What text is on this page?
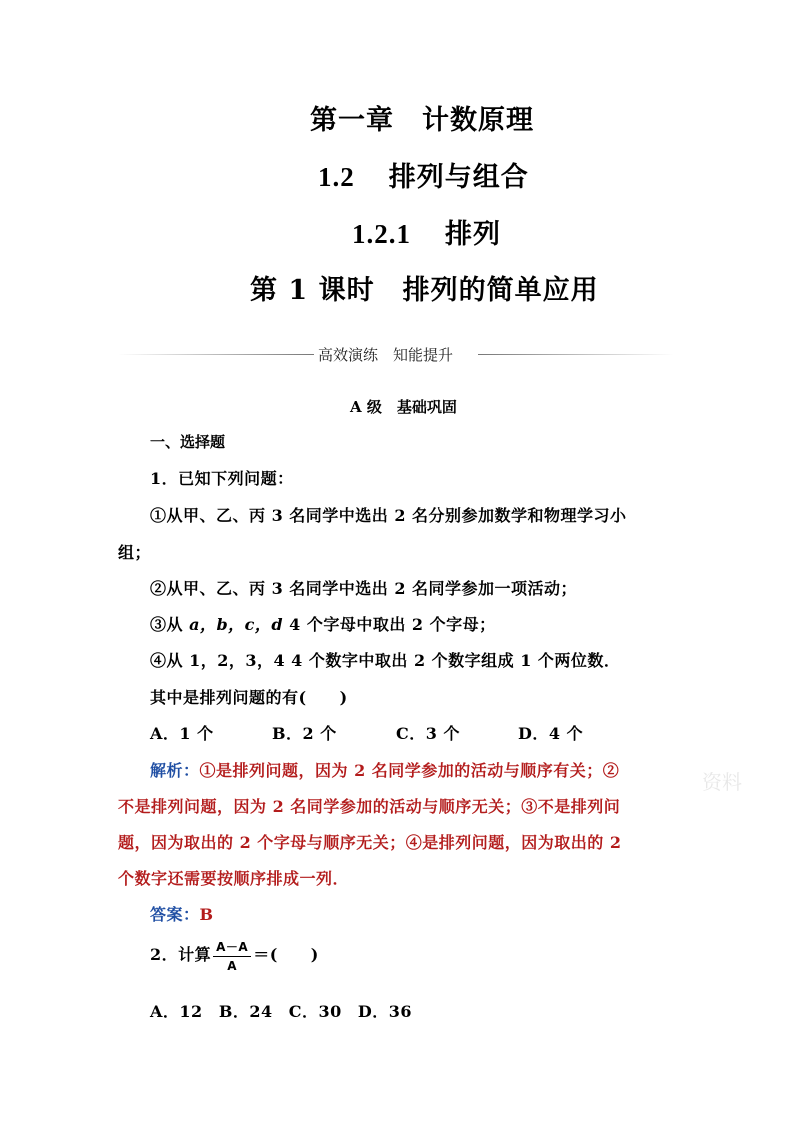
第一章　计数原理
1.2 排列与组合
1.2.1 排列
第 1 课时　排列的简单应用
高效演练　知能提升
A 级　基础巩固
一、选择题
1．已知下列问题：
①从甲、乙、丙 3 名同学中选出 2 名分别参加数学和物理学习小
组；
②从甲、乙、丙 3 名同学中选出 2 名同学参加一项活动；
③从 a，b，c，d 4 个字母中取出 2 个字母；
④从 1，2，3，4 4 个数字中取出 2 个数字组成 1 个两位数．
其中是排列问题的有(　　)
A．1 个	B．2 个	C．3 个	D．4 个
解析：①是排列问题，因为 2 名同学参加的活动与顺序有关；②
不是排列问题，因为 2 名同学参加的活动与顺序无关；③不是排列问
题，因为取出的 2 个字母与顺序无关；④是排列问题，因为取出的 2
个数字还需要按顺序排成一列．
答案：B
2．计算 $\frac{A-A}{A}$ ＝(　　)
A．12 B．24 C．30 D．36
资料
